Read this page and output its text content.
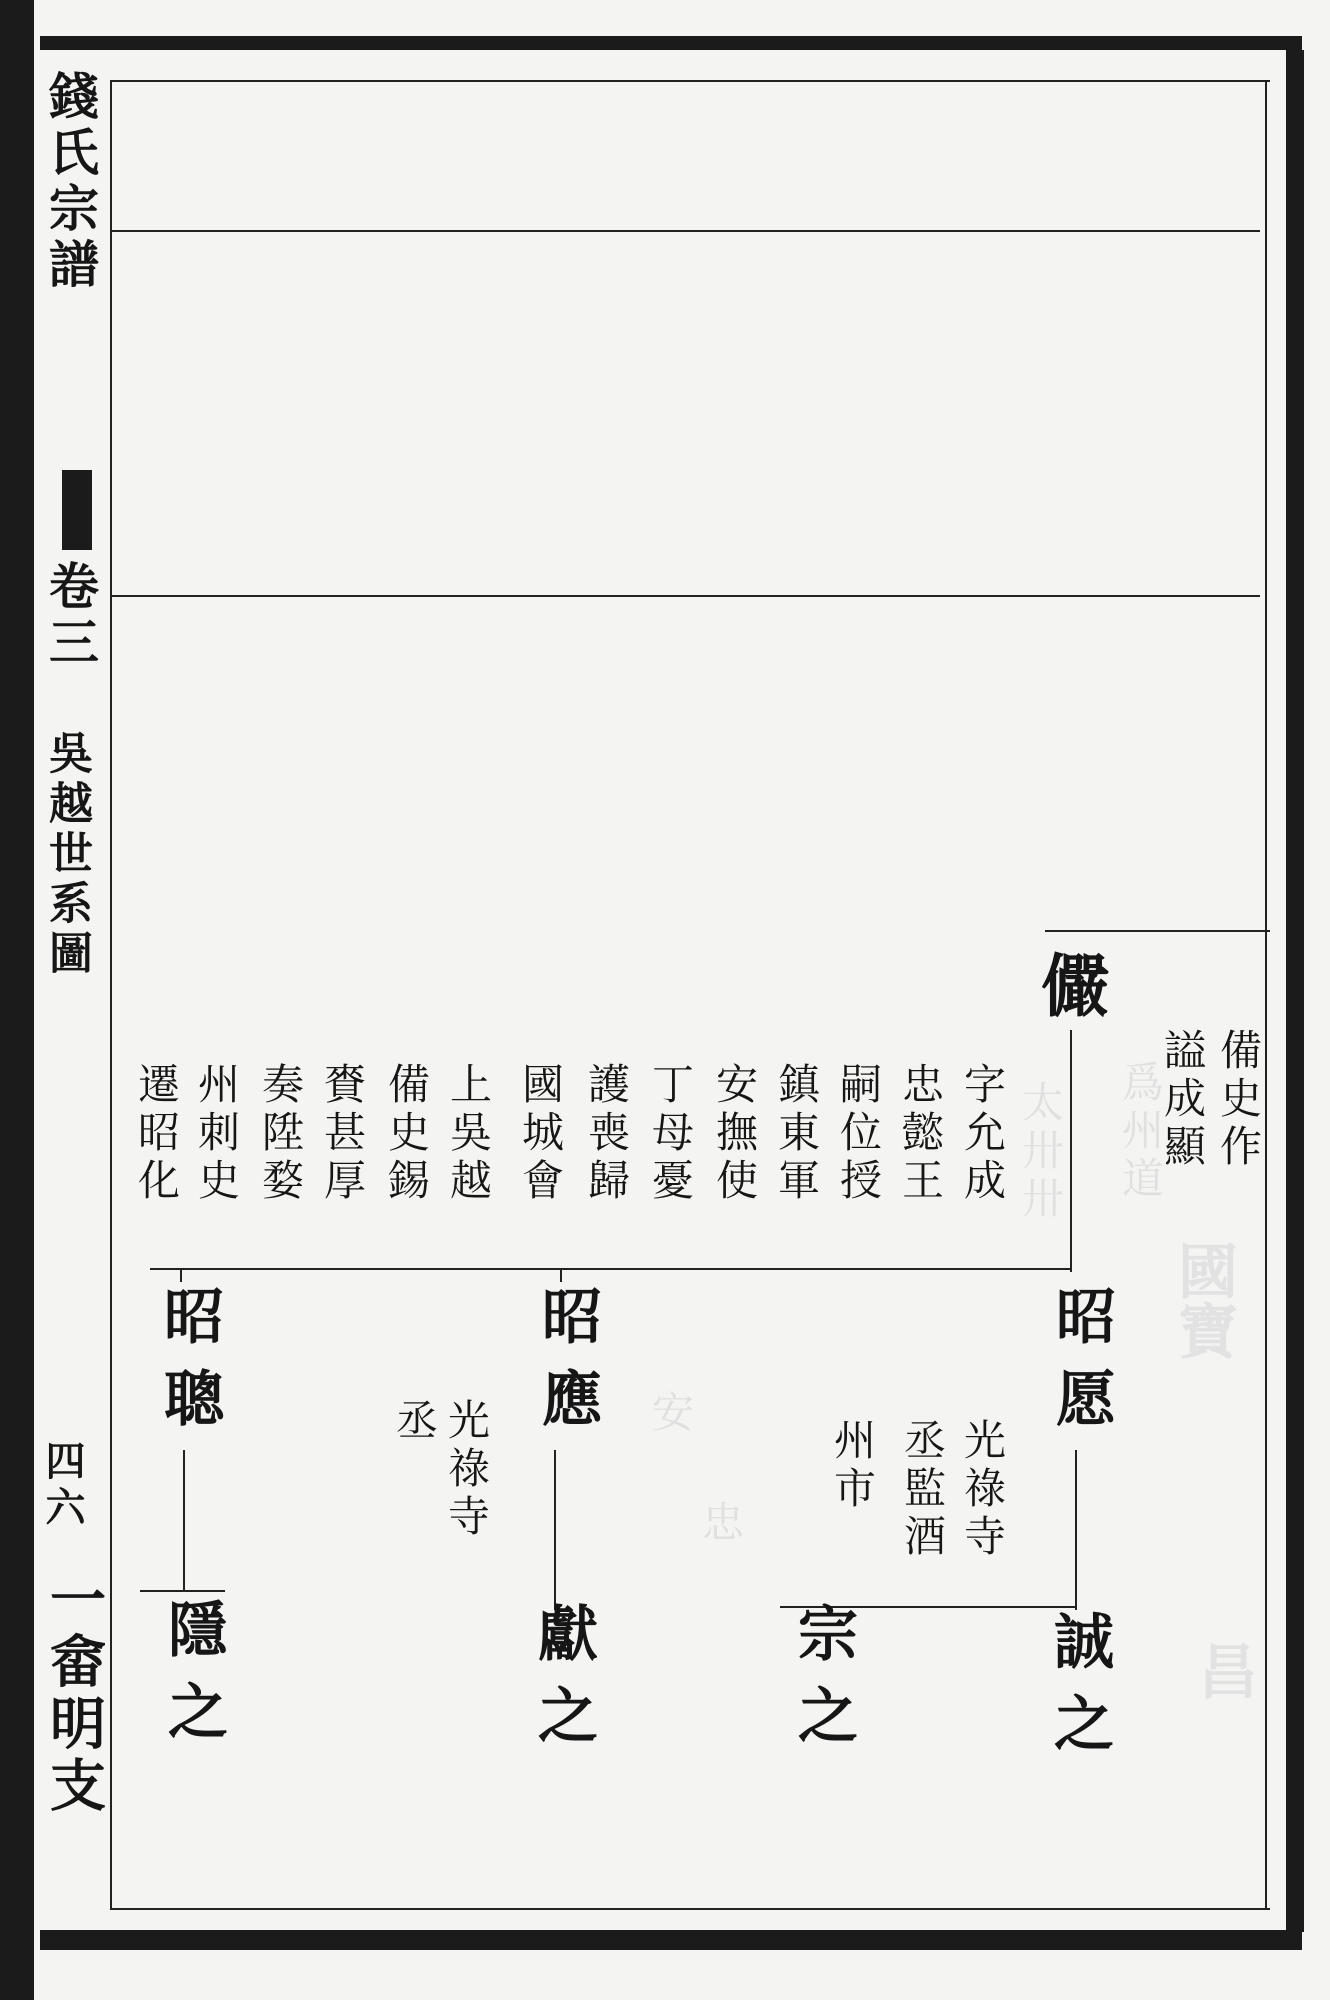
爲州道
太卅卅
國寶
昌
忠
安
錢氏宗譜
卷三
吳越世系圖
四六
一畲明支
儼
備史作
謚成顯
字允成
忠懿王
嗣位授
鎮東軍
安撫使
丁母憂
護喪歸
國城會
上吳越
備史錫
賚甚厚
奏陞婺
州刺史
遷昭化
昭愿
光祿寺
丞監酒
州市
昭應
光祿寺
丞
昭聰
誠之
宗之
獻之
隱之
